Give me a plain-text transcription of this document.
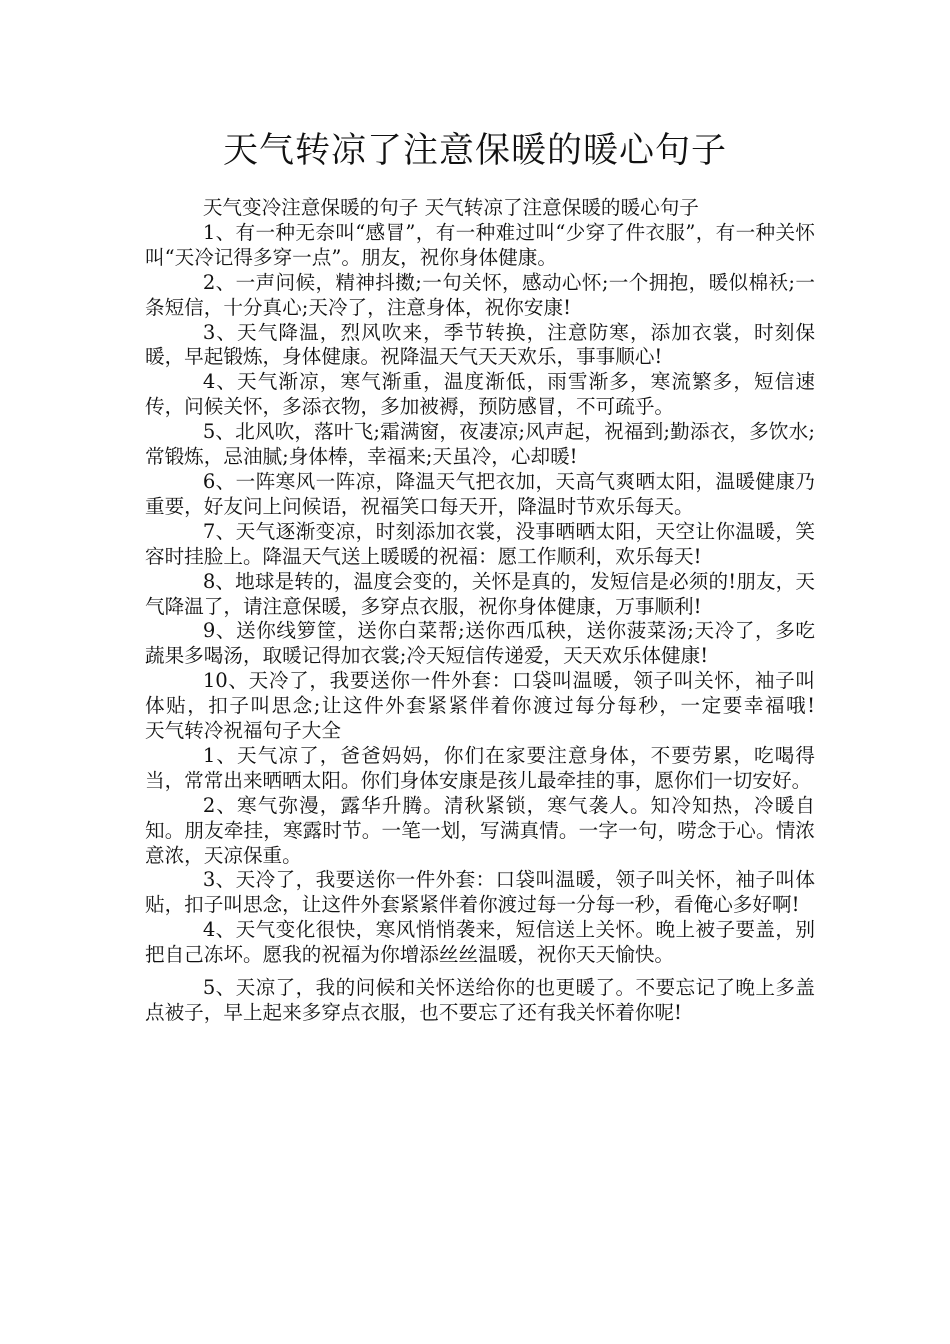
天气转凉了注意保暖的暖心句子

天气变冷注意保暖的句子 天气转凉了注意保暖的暖心句子

1、有一种无奈叫“感冒”，有一种难过叫“少穿了件衣服”，有一种关怀叫“天冷记得多穿一点”。朋友，祝你身体健康。

2、一声问候，精神抖擞;一句关怀，感动心怀;一个拥抱，暖似棉袄;一条短信，十分真心;天冷了，注意身体，祝你安康!

3、天气降温，烈风吹来，季节转换，注意防寒，添加衣裳，时刻保暖，早起锻炼，身体健康。祝降温天气天天欢乐，事事顺心!

4、天气渐凉，寒气渐重，温度渐低，雨雪渐多，寒流繁多，短信速传，问候关怀，多添衣物，多加被褥，预防感冒，不可疏乎。

5、北风吹，落叶飞;霜满窗，夜凄凉;风声起，祝福到;勤添衣，多饮水;常锻炼，忌油腻;身体棒，幸福来;天虽冷，心却暖!

6、一阵寒风一阵凉，降温天气把衣加，天高气爽晒太阳，温暖健康乃重要，好友问上问候语，祝福笑口每天开，降温时节欢乐每天。

7、天气逐渐变凉，时刻添加衣裳，没事晒晒太阳，天空让你温暖，笑容时挂脸上。降温天气送上暖暖的祝福：愿工作顺利，欢乐每天!

8、地球是转的，温度会变的，关怀是真的，发短信是必须的!朋友，天气降温了，请注意保暖，多穿点衣服，祝你身体健康，万事顺利!

9、送你线箩筐，送你白菜帮;送你西瓜秧，送你菠菜汤;天冷了，多吃蔬果多喝汤，取暖记得加衣裳;冷天短信传递爱，天天欢乐体健康!

10、天冷了，我要送你一件外套：口袋叫温暖，领子叫关怀，袖子叫体贴，扣子叫思念;让这件外套紧紧伴着你渡过每分每秒，一定要幸福哦!　　天气转冷祝福句子大全

1、天气凉了，爸爸妈妈，你们在家要注意身体，不要劳累，吃喝得当，常常出来晒晒太阳。你们身体安康是孩儿最牵挂的事，愿你们一切安好。

2、寒气弥漫，露华升腾。清秋紧锁，寒气袭人。知冷知热，冷暖自知。朋友牵挂，寒露时节。一笔一划，写满真情。一字一句，唠念于心。情浓意浓，天凉保重。

3、天冷了，我要送你一件外套：口袋叫温暖，领子叫关怀，袖子叫体贴，扣子叫思念，让这件外套紧紧伴着你渡过每一分每一秒，看俺心多好啊!

4、天气变化很快，寒风悄悄袭来，短信送上关怀。晚上被子要盖，别把自己冻坏。愿我的祝福为你增添丝丝温暖，祝你天天愉快。

5、天凉了，我的问候和关怀送给你的也更暖了。不要忘记了晚上多盖点被子，早上起来多穿点衣服，也不要忘了还有我关怀着你呢!
